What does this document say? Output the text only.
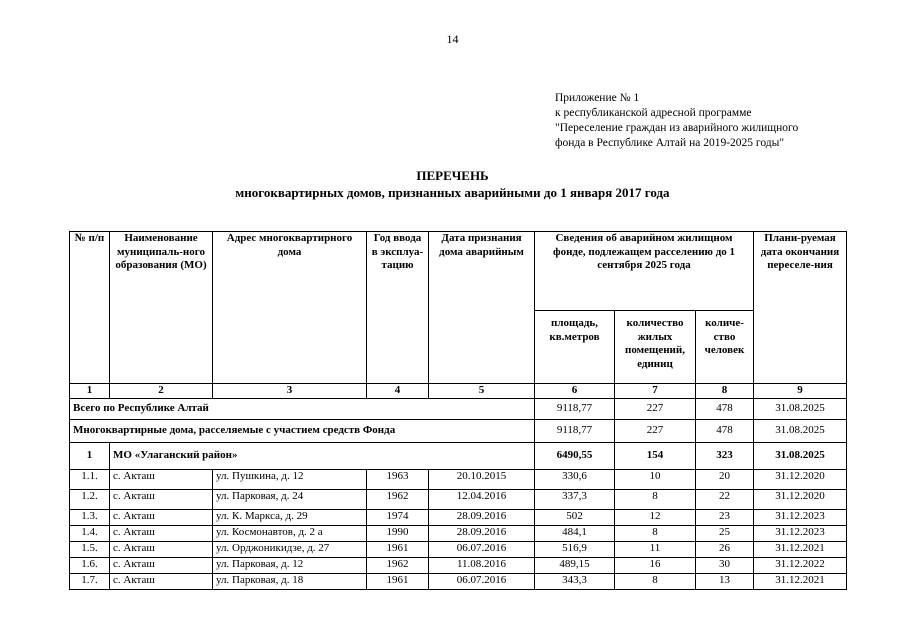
14
Приложение № 1
к республиканской адресной программе
"Переселение граждан из аварийного жилищного
фонда в Республике Алтай на 2019-2025 годы"
ПЕРЕЧЕНЬ
многоквартирных домов, признанных аварийными до 1 января 2017 года
№ п/п	Наименование муниципаль-ного образования (МО)	Адрес многоквартирного дома	Год ввода в эксплуа-тацию	Дата признания дома аварийным	Сведения об аварийном жилищном фонде, подлежащем расселению до 1 сентября 2025 года			Плани-руемая дата окончания переселе-ния
					площадь, кв.метров	количество жилых помещений, единиц	количе-ство человек	
1	2	3	4	5	6	7	8	9
Всего по Республике Алтай					9118,77	227	478	31.08.2025
Многоквартирные дома, расселяемые с участием средств Фонда					9118,77	227	478	31.08.2025
1	МО «Улаганский район»				6490,55	154	323	31.08.2025
1.1.	с. Акташ	ул. Пушкина, д. 12	1963	20.10.2015	330,6	10	20	31.12.2020
1.2.	с. Акташ	ул. Парковая, д. 24	1962	12.04.2016	337,3	8	22	31.12.2020
1.3.	с. Акташ	ул. К. Маркса, д. 29	1974	28.09.2016	502	12	23	31.12.2023
1.4.	с. Акташ	ул. Космонавтов, д. 2 а	1990	28.09.2016	484,1	8	25	31.12.2023
1.5.	с. Акташ	ул. Орджоникидзе, д. 27	1961	06.07.2016	516,9	11	26	31.12.2021
1.6.	с. Акташ	ул. Парковая, д. 12	1962	11.08.2016	489,15	16	30	31.12.2022
1.7.	с. Акташ	ул. Парковая, д. 18	1961	06.07.2016	343,3	8	13	31.12.2021
